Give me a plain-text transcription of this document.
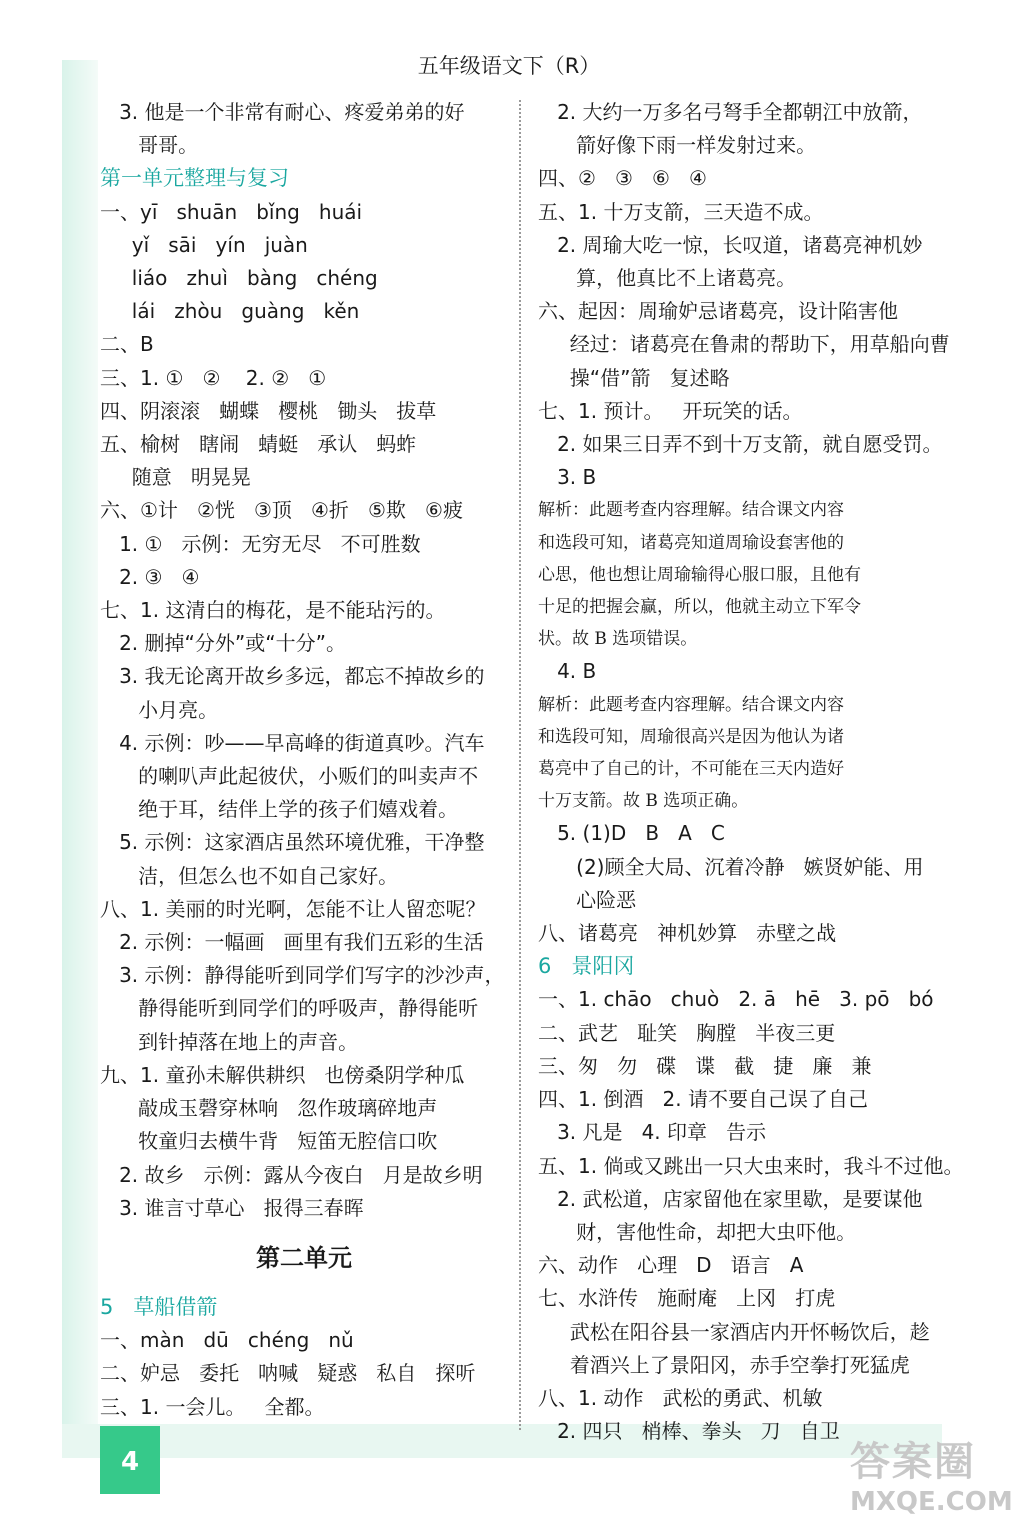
五年级语文下（R）
3. 他是一个非常有耐心、疼爱弟弟的好
哥哥。
第一单元整理与复习
一、yī   shuān   bǐng   huái
yǐ   sāi   yín   juàn
liáo   zhuì   bàng   chéng
lái   zhòu   guàng   kěn
二、B
三、1. ①   ②    2. ②   ①
四、阴滚滚   蝴蝶   樱桃   锄头   拔草
五、榆树   瞎闹   蜻蜓   承认   蚂蚱
随意   明晃晃
六、①计   ②恍   ③顶   ④折   ⑤欺   ⑥疲
1. ①   示例：无穷无尽   不可胜数
2. ③   ④
七、1. 这清白的梅花，是不能玷污的。
2. 删掉“分外”或“十分”。
3. 我无论离开故乡多远，都忘不掉故乡的
小月亮。
4. 示例：吵——早高峰的街道真吵。汽车
的喇叭声此起彼伏，小贩们的叫卖声不
绝于耳，结伴上学的孩子们嬉戏着。
5. 示例：这家酒店虽然环境优雅，干净整
洁，但怎么也不如自己家好。
八、1. 美丽的时光啊，怎能不让人留恋呢？
2. 示例：一幅画   画里有我们五彩的生活
3. 示例：静得能听到同学们写字的沙沙声，
静得能听到同学们的呼吸声，静得能听
到针掉落在地上的声音。
九、1. 童孙未解供耕织   也傍桑阴学种瓜
敲成玉磬穿林响   忽作玻璃碎地声
牧童归去横牛背   短笛无腔信口吹
2. 故乡   示例：露从今夜白   月是故乡明
3. 谁言寸草心   报得三春晖
第二单元
5   草船借箭
一、màn   dū   chéng   nǔ
二、妒忌   委托   呐喊   疑惑   私自   探听
三、1. 一会儿。   全都。
2. 大约一万多名弓弩手全都朝江中放箭，
箭好像下雨一样发射过来。
四、②   ③   ⑥   ④
五、1. 十万支箭，三天造不成。
2. 周瑜大吃一惊，长叹道，诸葛亮神机妙
算，他真比不上诸葛亮。
六、起因：周瑜妒忌诸葛亮，设计陷害他
经过：诸葛亮在鲁肃的帮助下，用草船向曹
操“借”箭   复述略
七、1. 预计。   开玩笑的话。
2. 如果三日弄不到十万支箭，就自愿受罚。
3. B
解析：此题考查内容理解。结合课文内容
和选段可知，诸葛亮知道周瑜设套害他的
心思，他也想让周瑜输得心服口服，且他有
十足的把握会赢，所以，他就主动立下军令
状。故 B 选项错误。
4. B
解析：此题考查内容理解。结合课文内容
和选段可知，周瑜很高兴是因为他认为诸
葛亮中了自己的计，不可能在三天内造好
十万支箭。故 B 选项正确。
5. (1)D   B   A   C
(2)顾全大局、沉着冷静   嫉贤妒能、用
心险恶
八、诸葛亮   神机妙算   赤壁之战
6   景阳冈
一、1. chāo   chuò   2. ā   hē   3. pō   bó
二、武艺   耻笑   胸膛   半夜三更
三、匆   勿   碟   谍   截   捷   廉   兼
四、1. 倒酒   2. 请不要自己误了自己
3. 凡是   4. 印章   告示
五、1. 倘或又跳出一只大虫来时，我斗不过他。
2. 武松道，店家留他在家里歇，是要谋他
财，害他性命，却把大虫吓他。
六、动作   心理   D   语言   A
七、水浒传   施耐庵   上冈   打虎
武松在阳谷县一家酒店内开怀畅饮后，趁
着酒兴上了景阳冈，赤手空拳打死猛虎
八、1. 动作   武松的勇武、机敏
2. 四只   梢棒、拳头   刀   自卫
4	答案圈
MXQE.COM
